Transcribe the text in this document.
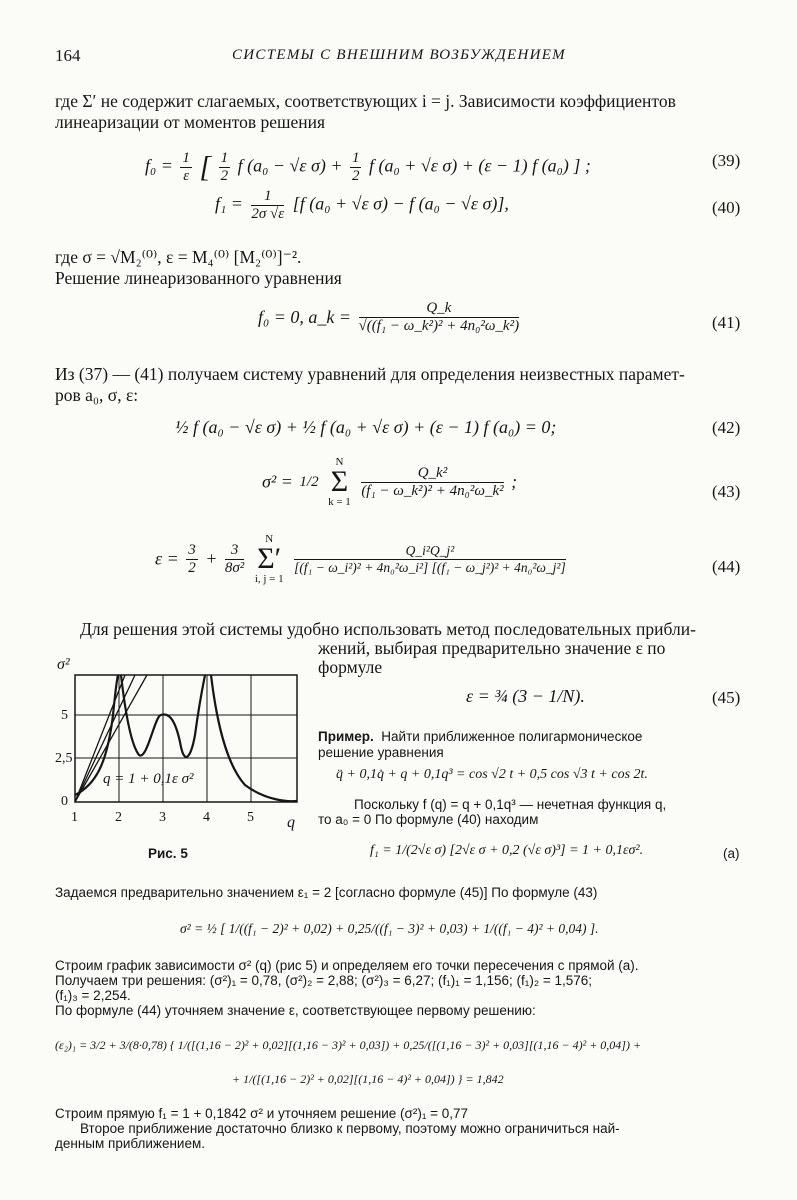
164	СИСТЕМЫ С ВНЕШНИМ ВОЗБУЖДЕНИЕМ
где Σ′ не содержит слагаемых, соответствующих i = j. Зависимости коэффициентов
линеаризации от моментов решения
$f_0 = \frac{1}{\varepsilon}$ [ $\frac{1}{2}$ f (a₀ − √ε $\sigma) + \frac{1}{2}$ f (a₀ + √ε σ) + (ε − 1) f (a₀) ] ;	(39)
$f_1 = \frac{1}{2\sigma √\varepsilon} [f$ (a₀ + √ε σ) − f (a₀ − √ε σ)],	(40)
где σ = √M₂⁽⁰⁾, ε = M₄⁽⁰⁾ [M₂⁽⁰⁾]⁻².
Решение линеаризованного уравнения
f₀ = 0, a_k = $\frac{Q\_k}{\text{√((f₁ − ω\_k²)² + 4n₀²ω\_k²)}}$	(41)
Из (37) — (41) получаем систему уравнений для определения неизвестных парамет-
ров a₀, σ, ε:
½ f (a₀ − √ε σ) + ½ f (a₀ + √ε σ) + (ε − 1) f (a₀) = 0;	(42)
σ² = 1/2
N
Σ
k = 1

$\frac{\text{Q\_k²}}{\text{(f₁ − ω\_k²)² + 4n₀²ω\_k²}}$ ;	(43)
$\varepsilon = \frac{3}{2} + \frac{3}{\text{8σ²}}$

N
Σ′
i, j = 1

$\frac{\text{Q\_i²Q\_j²}}{\text{[(f₁ − ω\_i²)² + 4n₀²ω\_i²] [(f₁ − ω\_j²)² + 4n₀²ω\_j²]}}$	(44)
Для решения этой системы удобно использовать метод последовательных прибли-
жений, выбирая предварительно значение ε по
формуле
ε = ¾ (3 − 1/N).	(45)
Пример. Найти приближенное полигармоническое
решение уравнения
q̈ + 0,1q̇ + q + 0,1q³ = cos √2 t + 0,5 cos √3 t + cos 2t.
Поскольку f (q) = q + 0,1q³ — нечетная функция q,
то a₀ = 0 По формуле (40) находим
σ²
q
0
2,5
5
1	2	3	4	5
q = 1 + 0,1ε σ²
Рис. 5	f₁ = 1/(2√ε σ) [2√ε σ + 0,2 (√ε σ)³] = 1 + 0,1εσ².	(a)
Задаемся предварительно значением ε₁ = 2 [согласно формуле (45)] По формуле (43)
σ² = ½ [ 1/((f₁ − 2)² + 0,02) + 0,25/((f₁ − 3)² + 0,03) + 1/((f₁ − 4)² + 0,04) ].
Строим график зависимости σ² (q) (рис 5) и определяем его точки пересечения с прямой (а).
Получаем три решения: (σ²)₁ = 0,78, (σ²)₂ = 2,88; (σ²)₃ = 6,27; (f₁)₁ = 1,156; (f₁)₂ = 1,576;
(f₁)₃ = 2,254.
По формуле (44) уточняем значение ε, соответствующее первому решению:
(ε₂)₁ = 3/2 + 3/(8·0,78) { 1/([(1,16 − 2)² + 0,02][(1,16 − 3)² + 0,03]) + 0,25/([(1,16 − 3)² + 0,03][(1,16 − 4)² + 0,04]) +
+ 1/([(1,16 − 2)² + 0,02][(1,16 − 4)² + 0,04]) } = 1,842
Строим прямую f₁ = 1 + 0,1842 σ² и уточняем решение (σ²)₁ = 0,77
Второе приближение достаточно близко к первому, поэтому можно ограничиться най-
денным приближением.
